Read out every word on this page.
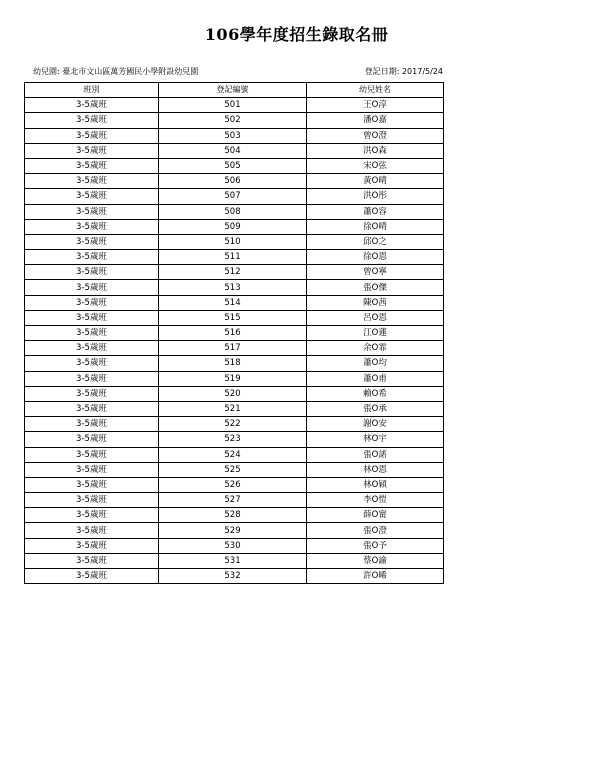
106學年度招生錄取名冊
幼兒園: 臺北市文山區萬芳國民小學附設幼兒園	登記日期: 2017/5/24
班別	登記編號	幼兒姓名
3-5歲班	501	王O淳
3-5歲班	502	潘O嘉
3-5歲班	503	曾O澄
3-5歲班	504	洪O森
3-5歲班	505	宋O弦
3-5歲班	506	黃O晴
3-5歲班	507	洪O彤
3-5歲班	508	蕭O容
3-5歲班	509	徐O晴
3-5歲班	510	邱O之
3-5歲班	511	徐O恩
3-5歲班	512	曾O寧
3-5歲班	513	張O傑
3-5歲班	514	陳O茜
3-5歲班	515	呂O恩
3-5歲班	516	江O蓮
3-5歲班	517	余O霏
3-5歲班	518	蕭O均
3-5歲班	519	蕭O甫
3-5歲班	520	賴O希
3-5歲班	521	張O承
3-5歲班	522	謝O安
3-5歲班	523	林O宇
3-5歲班	524	張O諾
3-5歲班	525	林O恩
3-5歲班	526	林O穎
3-5歲班	527	李O愷
3-5歲班	528	薛O甯
3-5歲班	529	張O澄
3-5歲班	530	張O予
3-5歲班	531	蔡O諭
3-5歲班	532	許O晞
